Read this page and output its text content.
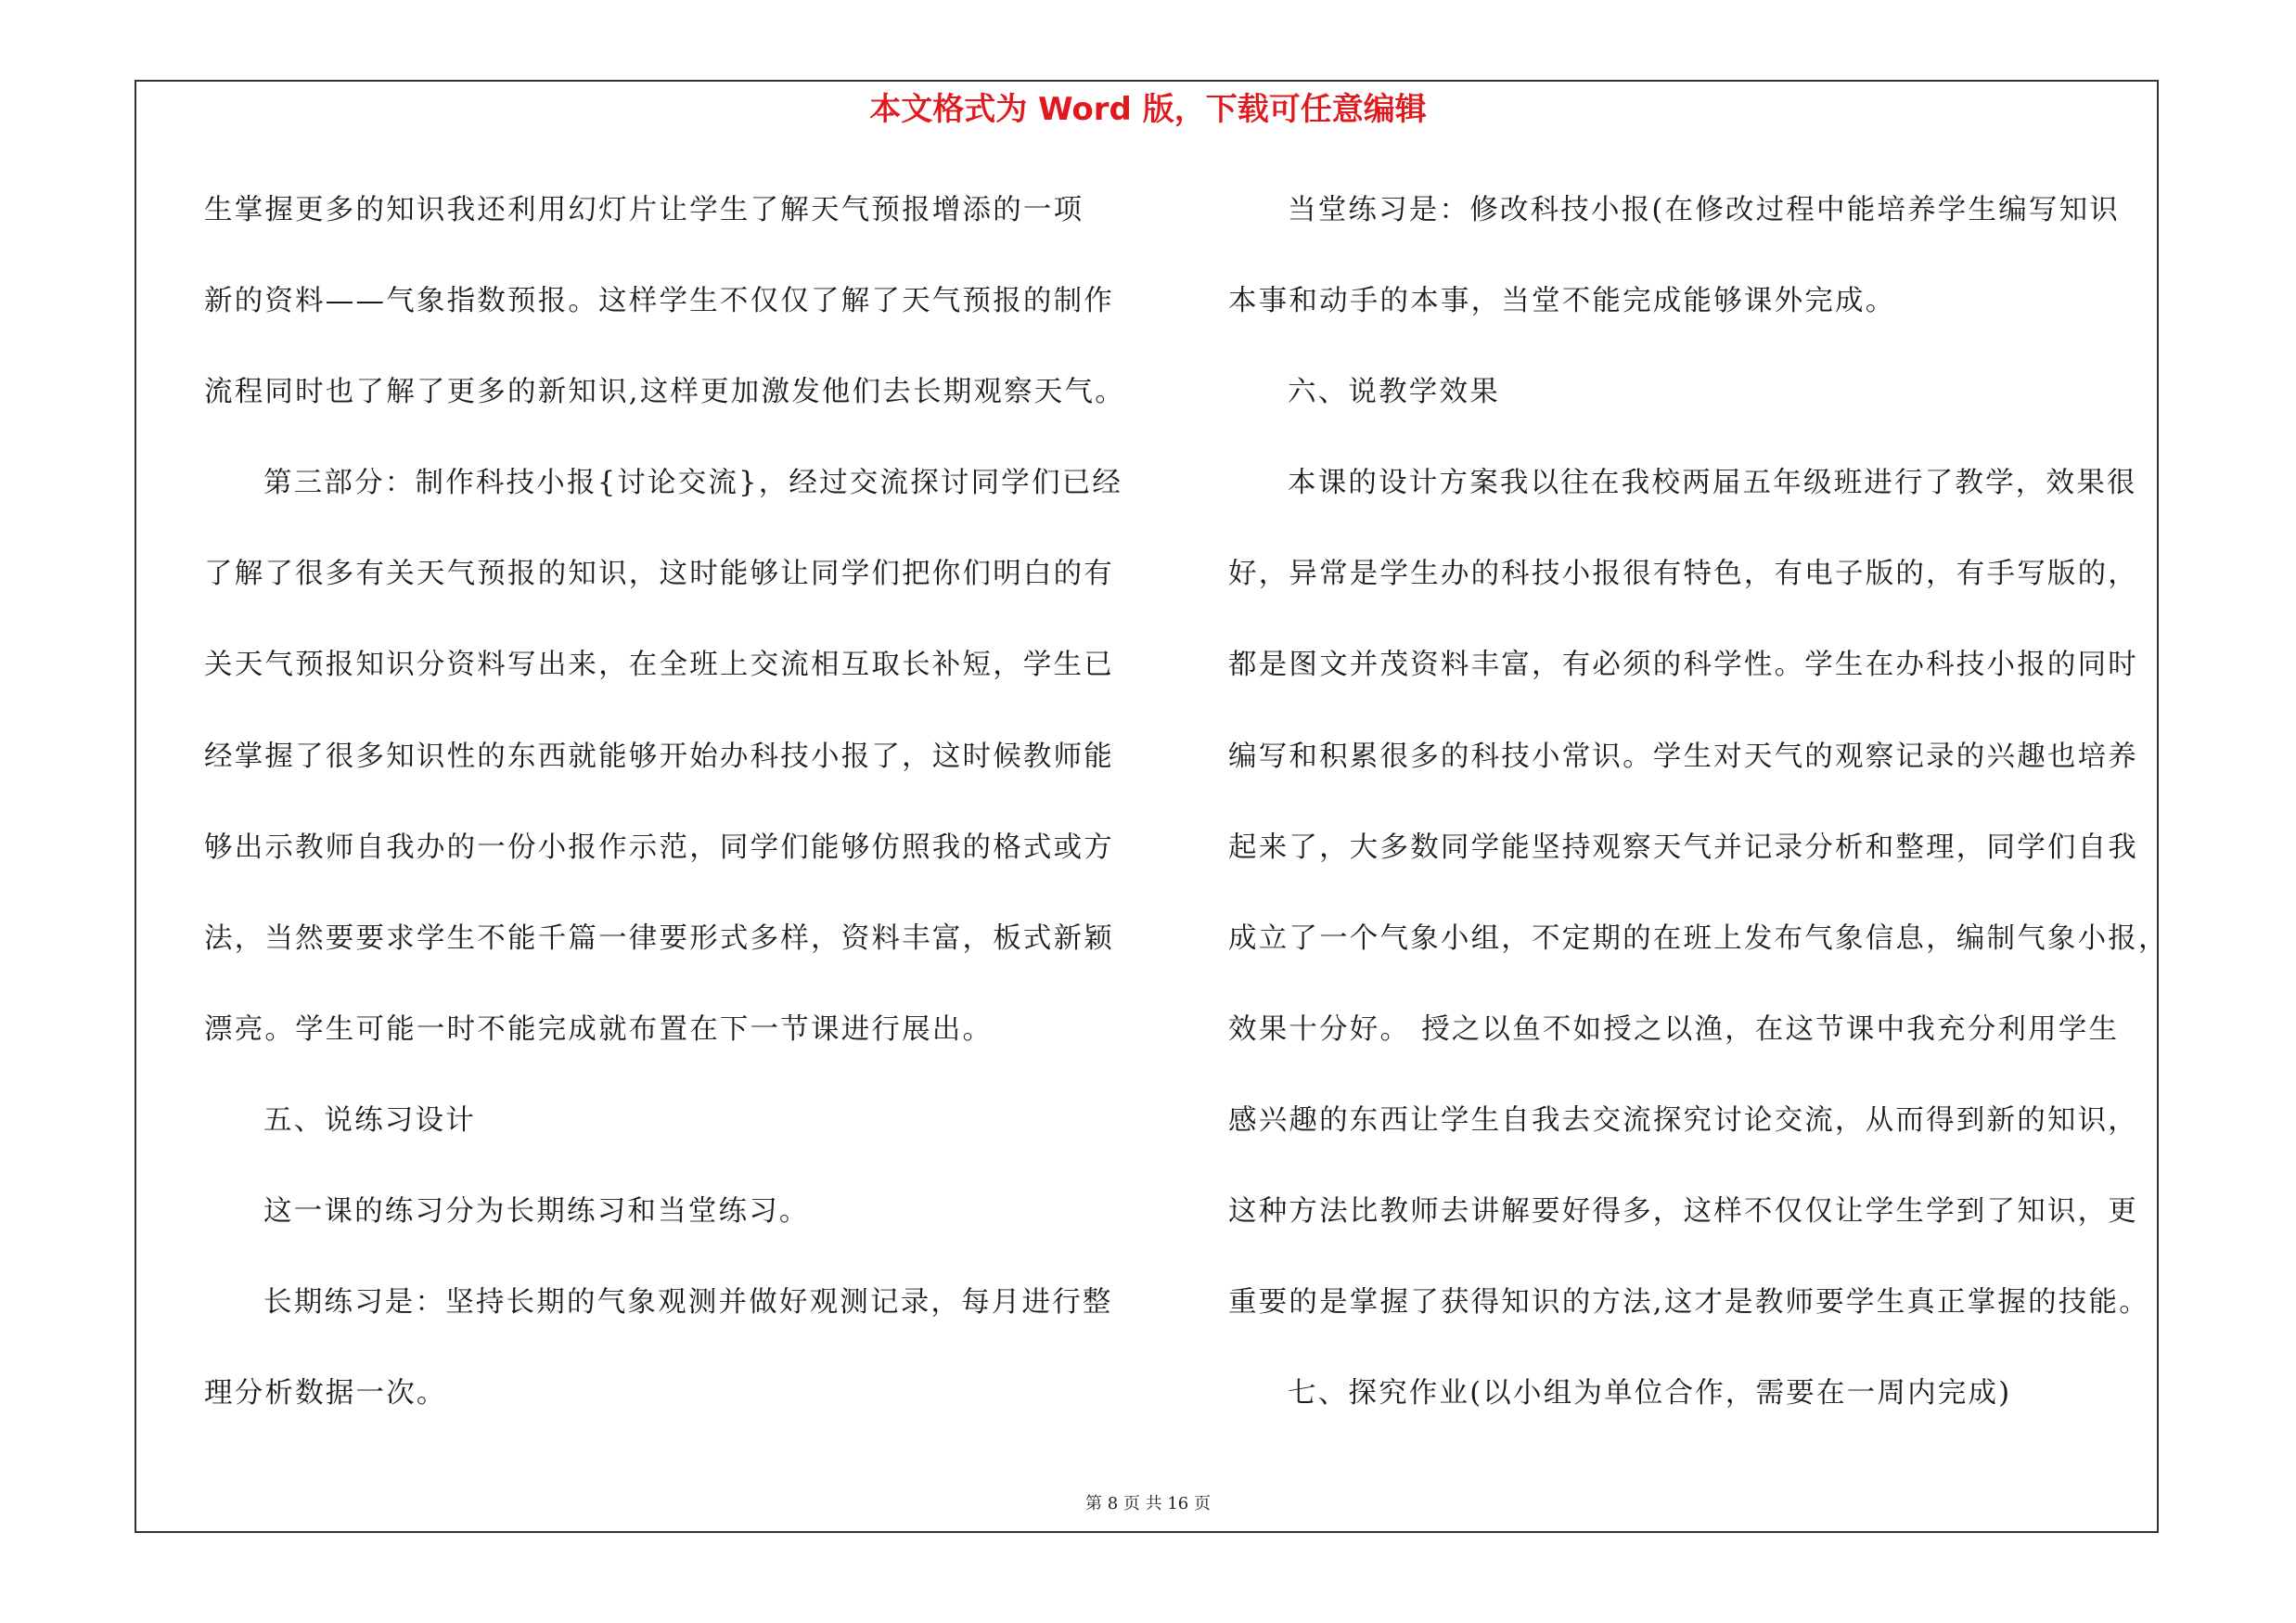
本文格式为 Word 版，下载可任意编辑
生掌握更多的知识我还利用幻灯片让学生了解天气预报增添的一项
新的资料——气象指数预报。这样学生不仅仅了解了天气预报的制作
流程同时也了解了更多的新知识,这样更加激发他们去长期观察天气。
第三部分：制作科技小报{讨论交流}，经过交流探讨同学们已经
了解了很多有关天气预报的知识，这时能够让同学们把你们明白的有
关天气预报知识分资料写出来，在全班上交流相互取长补短，学生已
经掌握了很多知识性的东西就能够开始办科技小报了，这时候教师能
够出示教师自我办的一份小报作示范，同学们能够仿照我的格式或方
法，当然要要求学生不能千篇一律要形式多样，资料丰富，板式新颖
漂亮。学生可能一时不能完成就布置在下一节课进行展出。
五、说练习设计
这一课的练习分为长期练习和当堂练习。
长期练习是：坚持长期的气象观测并做好观测记录，每月进行整
理分析数据一次。
当堂练习是：修改科技小报(在修改过程中能培养学生编写知识
本事和动手的本事，当堂不能完成能够课外完成。
六、说教学效果
本课的设计方案我以往在我校两届五年级班进行了教学，效果很
好，异常是学生办的科技小报很有特色，有电子版的，有手写版的，
都是图文并茂资料丰富，有必须的科学性。学生在办科技小报的同时
编写和积累很多的科技小常识。学生对天气的观察记录的兴趣也培养
起来了，大多数同学能坚持观察天气并记录分析和整理，同学们自我
成立了一个气象小组，不定期的在班上发布气象信息，编制气象小报，
效果十分好。 授之以鱼不如授之以渔，在这节课中我充分利用学生
感兴趣的东西让学生自我去交流探究讨论交流，从而得到新的知识，
这种方法比教师去讲解要好得多，这样不仅仅让学生学到了知识，更
重要的是掌握了获得知识的方法,这才是教师要学生真正掌握的技能。
七、探究作业(以小组为单位合作，需要在一周内完成)
第 8 页 共 16 页
